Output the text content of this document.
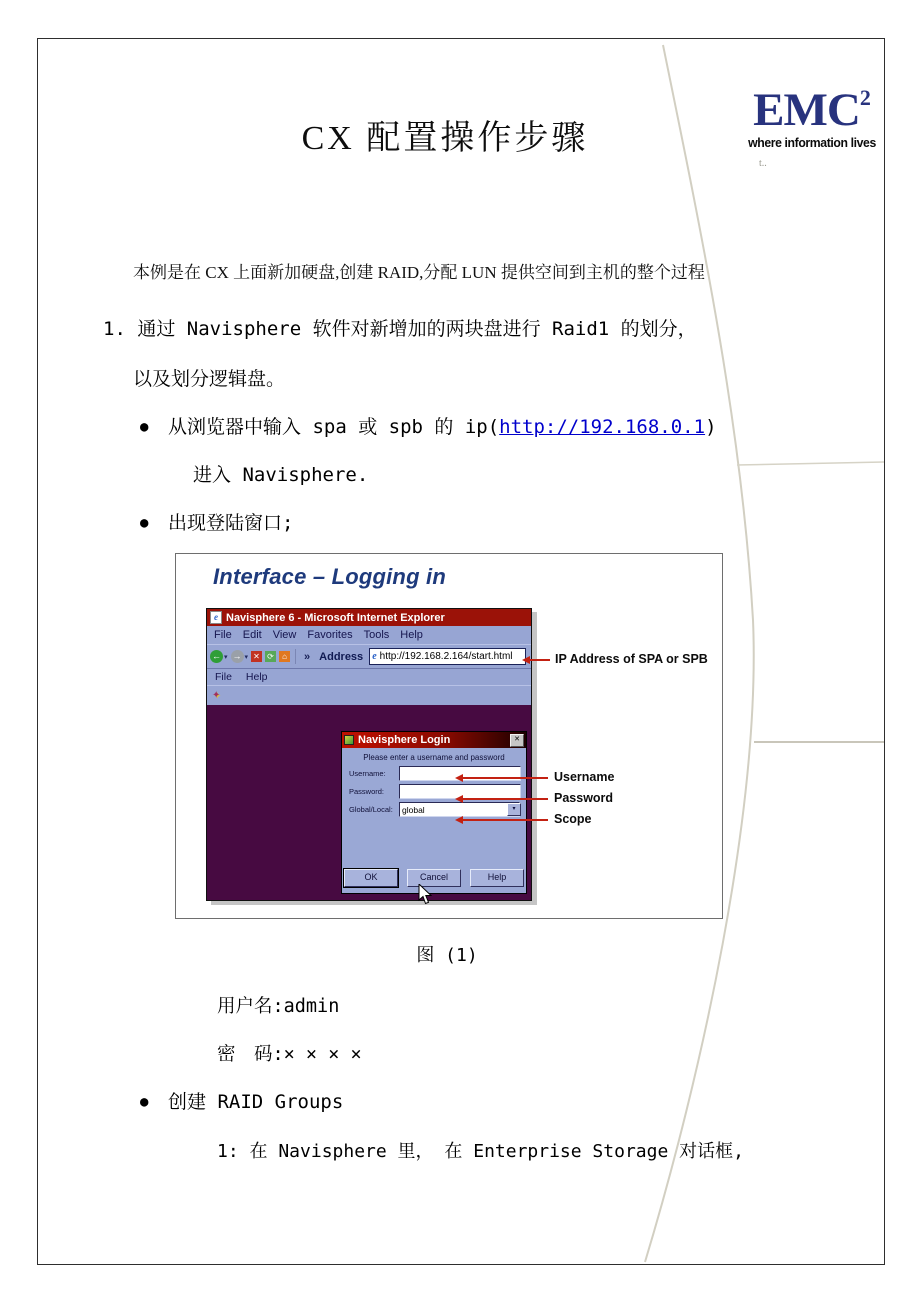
CX 配置操作步骤
EMC$^2$
where information lives
t..
本例是在 CX 上面新加硬盘,创建 RAID,分配 LUN 提供空间到主机的整个过程
1. 通过 Navisphere 软件对新增加的两块盘进行 Raid1 的划分，
以及划分逻辑盘。
● 从浏览器中输入 spa 或 spb 的 ip(http://192.168.0.1)
进入 Navisphere.
● 出现登陆窗口;
Interface – Logging in
e Navisphere 6 - Microsoft Internet Explorer
File Edit View Favorites Tools Help
← ▾ → ▾ ✕ ⟳	⌂ » Address e http://192.168.2.164/start.html
File Help
✦
Navisphere Login	✕
Please enter a username and password
Username:
Password:
Global/Local:	global	▾
OK	Cancel	Help
IP Address of SPA or SPB
Username
Password
Scope
图 (1)
用户名:admin
密　码:× × × ×
● 创建 RAID Groups
1: 在 Navisphere 里， 在 Enterprise Storage 对话框,
